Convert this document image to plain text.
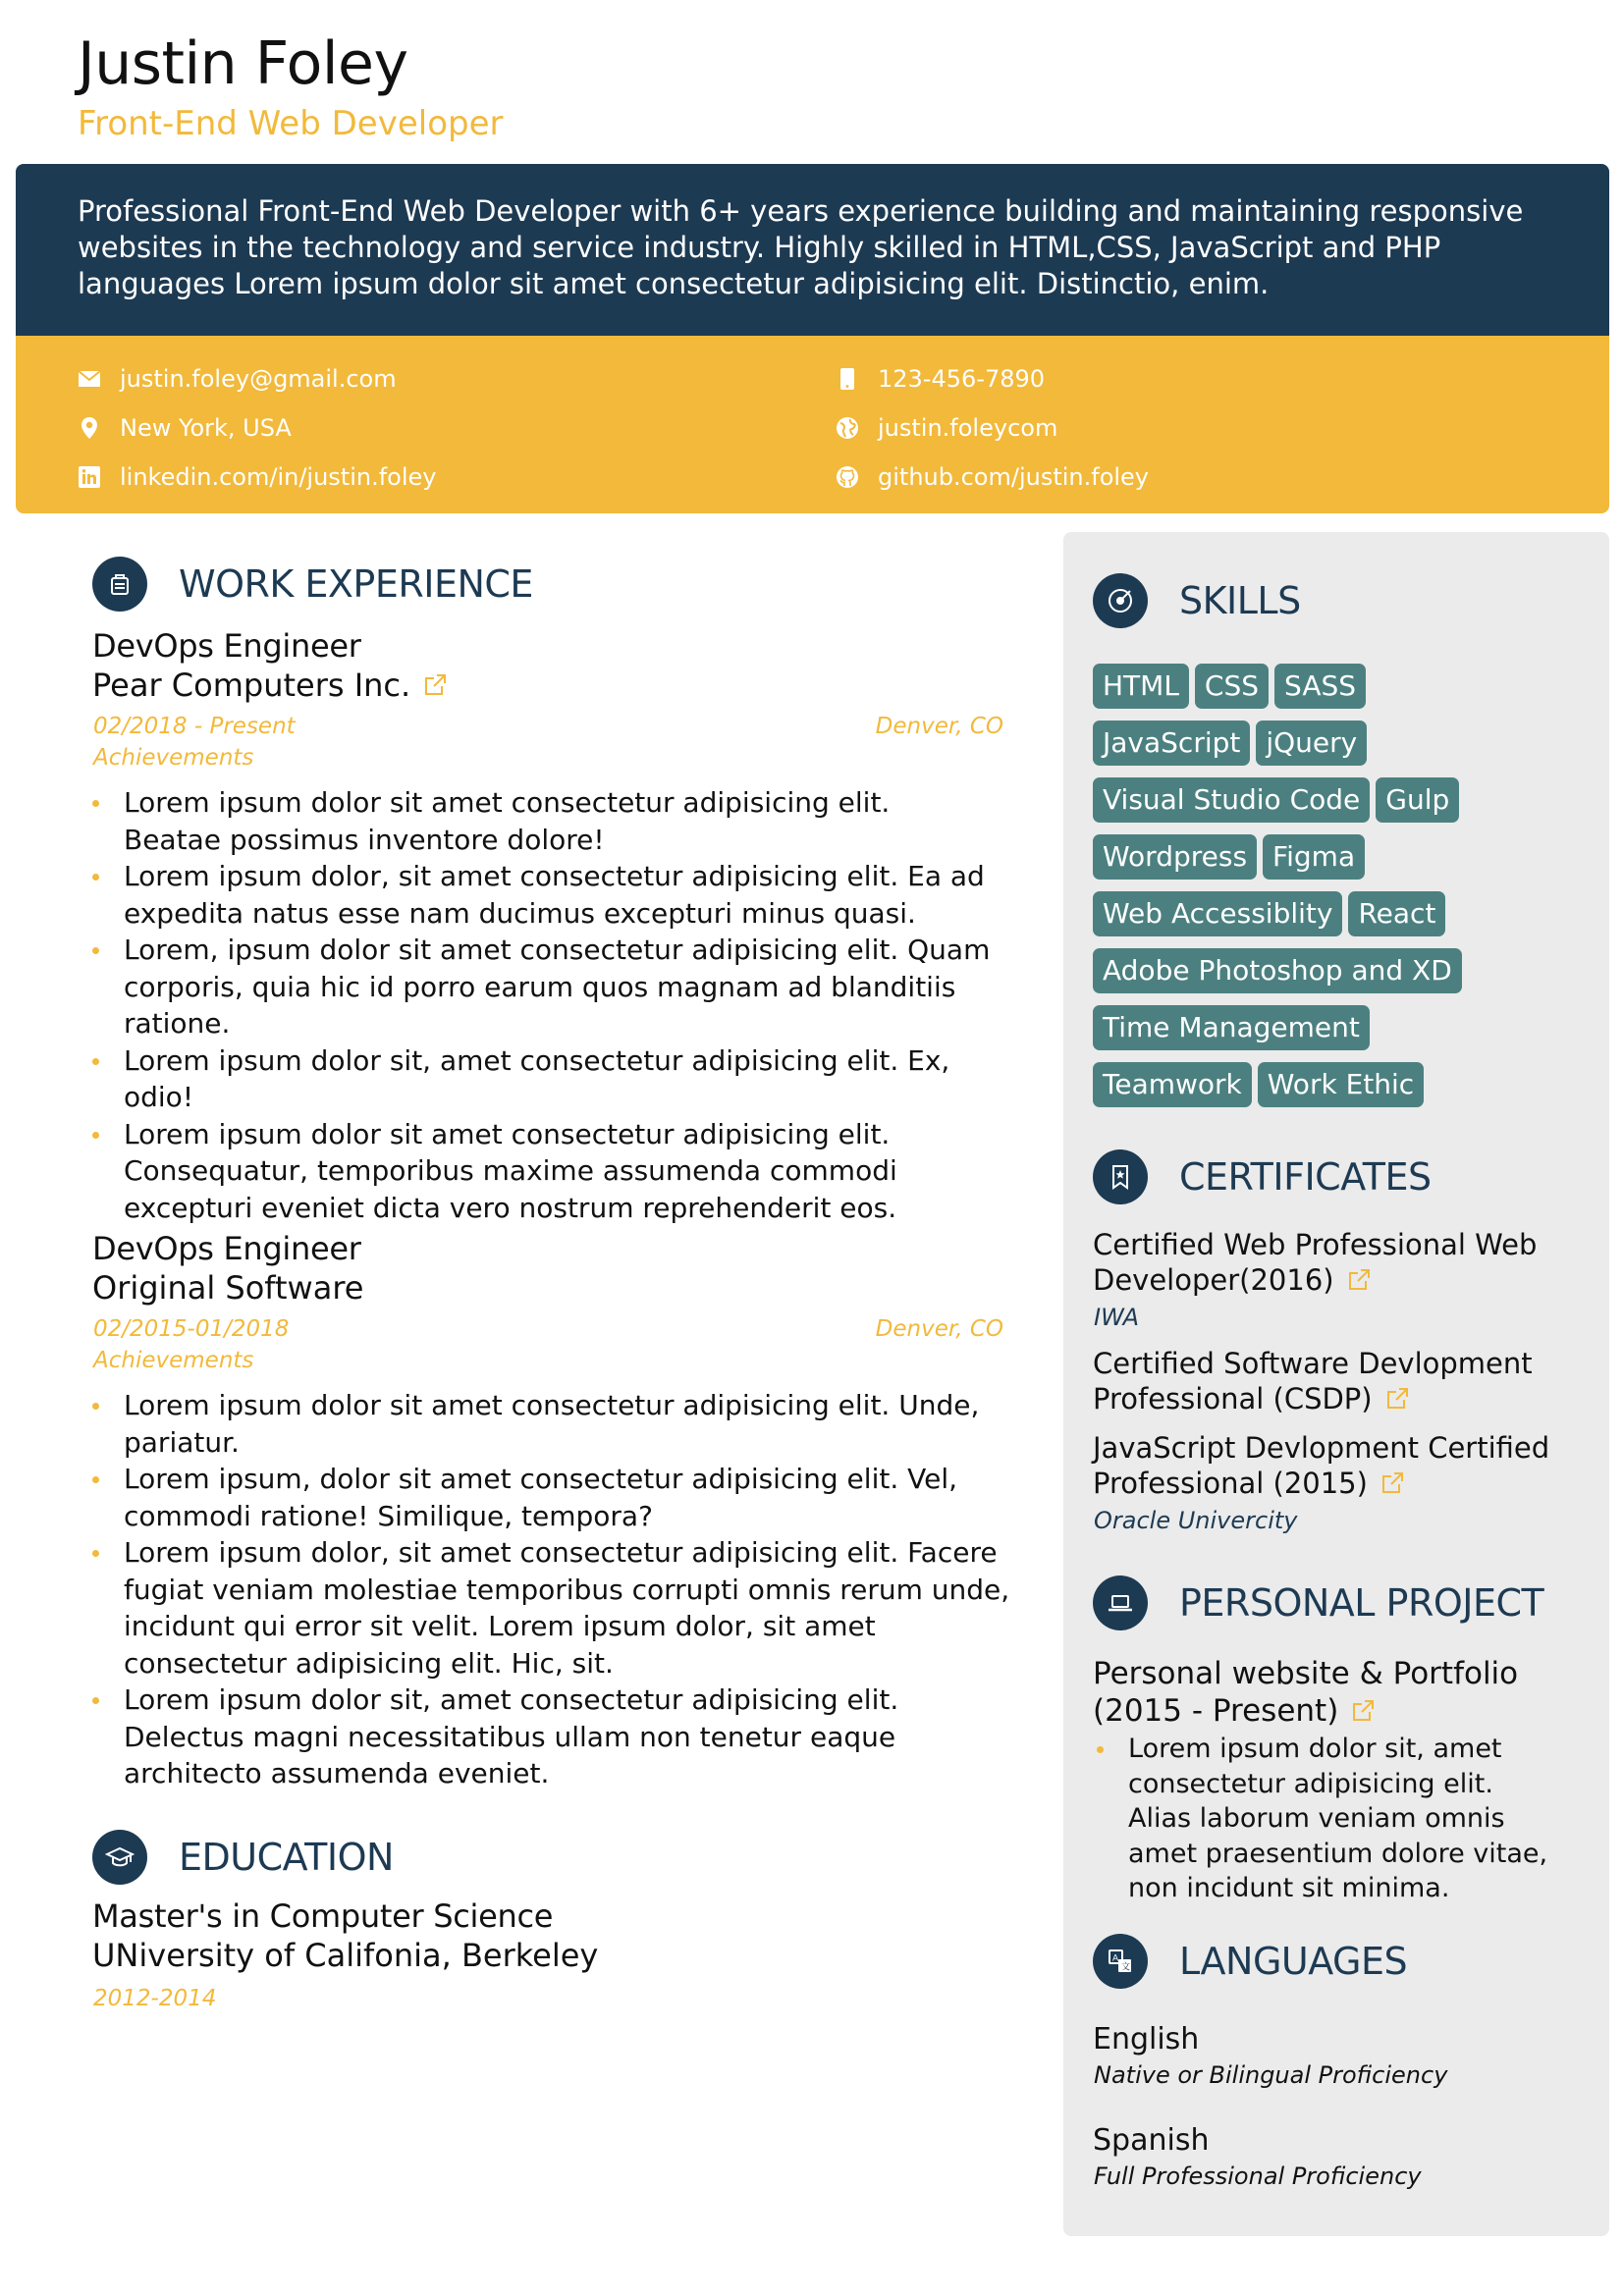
Justin Foley
Front-End Web Developer
Professional Front-End Web Developer with 6+ years experience building and maintaining responsive websites in the technology and service industry. Highly skilled in HTML,CSS, JavaScript and PHP languages Lorem ipsum dolor sit amet consectetur adipisicing elit. Distinctio, enim.
justin.foley@gmail.com
New York, USA
linkedin.com/in/justin.foley
123-456-7890
justin.foleycom
github.com/justin.foley
WORK EXPERIENCE
DevOps Engineer
Pear Computers Inc.
02/2018 - Present	Denver, CO
Achievements
Lorem ipsum dolor sit amet consectetur adipisicing elit. Beatae possimus inventore dolore!
Lorem ipsum dolor, sit amet consectetur adipisicing elit. Ea ad expedita natus esse nam ducimus excepturi minus quasi.
Lorem, ipsum dolor sit amet consectetur adipisicing elit. Quam corporis, quia hic id porro earum quos magnam ad blanditiis ratione.
Lorem ipsum dolor sit, amet consectetur adipisicing elit. Ex, odio!
Lorem ipsum dolor sit amet consectetur adipisicing elit. Consequatur, temporibus maxime assumenda commodi excepturi eveniet dicta vero nostrum reprehenderit eos.
DevOps Engineer
Original Software
02/2015-01/2018	Denver, CO
Achievements
Lorem ipsum dolor sit amet consectetur adipisicing elit. Unde, pariatur.
Lorem ipsum, dolor sit amet consectetur adipisicing elit. Vel, commodi ratione! Similique, tempora?
Lorem ipsum dolor, sit amet consectetur adipisicing elit. Facere fugiat veniam molestiae temporibus corrupti omnis rerum unde, incidunt qui error sit velit. Lorem ipsum dolor, sit amet consectetur adipisicing elit. Hic, sit.
Lorem ipsum dolor sit, amet consectetur adipisicing elit. Delectus magni necessitatibus ullam non tenetur eaque architecto assumenda eveniet.
EDUCATION
Master's in Computer Science
UNiversity of Califonia, Berkeley
2012-2014
SKILLS
HTML CSS SASS
JavaScript jQuery
Visual Studio Code Gulp
Wordpress Figma
Web Accessiblity React
Adobe Photoshop and XD
Time Management
Teamwork Work Ethic
CERTIFICATES
Certified Web Professional Web
Developer(2016)
IWA
Certified Software Devlopment
Professional (CSDP)
JavaScript Devlopment Certified
Professional (2015)
Oracle Univercity
PERSONAL PROJECT
Personal website & Portfolio
(2015 - Present)
Lorem ipsum dolor sit, amet consectetur adipisicing elit. Alias laborum veniam omnis amet praesentium dolore vitae, non incidunt sit minima.
A
文 LANGUAGES
English
Native or Bilingual Proficiency
Spanish
Full Professional Proficiency
